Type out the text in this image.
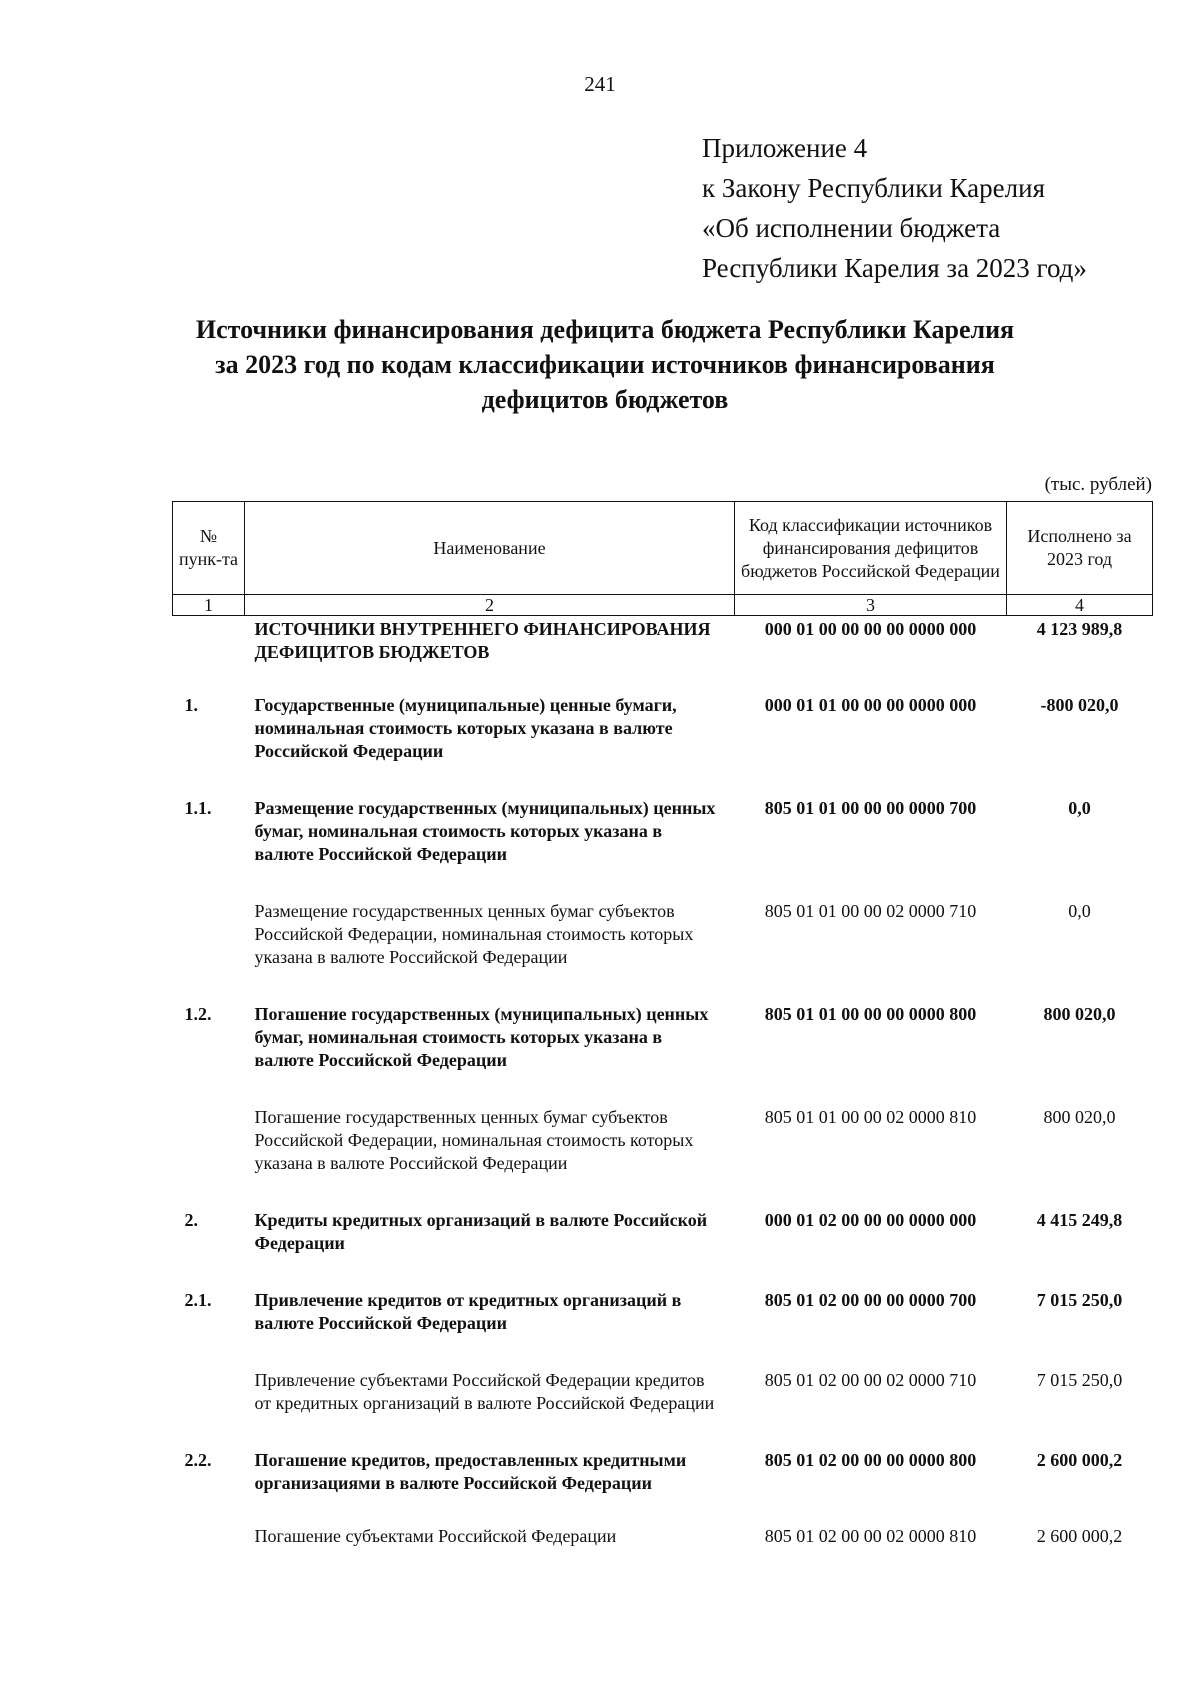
241
Приложение 4
к Закону Республики Карелия
«Об исполнении бюджета
Республики Карелия за 2023 год»
Источники финансирования дефицита бюджета Республики Карелия
за 2023 год по кодам классификации источников финансирования
дефицитов бюджетов
(тыс. рублей)
№ пунк-та	Наименование	Код классификации источников финансирования дефицитов бюджетов Российской Федерации	Исполнено за 2023 год
1	2	3	4
	ИСТОЧНИКИ ВНУТРЕННЕГО ФИНАНСИРОВАНИЯ ДЕФИЦИТОВ БЮДЖЕТОВ	000 01 00 00 00 00 0000 000	4 123 989,8
1.	Государственные (муниципальные) ценные бумаги, номинальная стоимость которых указана в валюте Российской Федерации	000 01 01 00 00 00 0000 000	-800 020,0
1.1.	Размещение государственных (муниципальных) ценных бумаг, номинальная стоимость которых указана в валюте Российской Федерации	805 01 01 00 00 00 0000 700	0,0
	Размещение государственных ценных бумаг субъектов Российской Федерации, номинальная стоимость которых указана в валюте Российской Федерации	805 01 01 00 00 02 0000 710	0,0
1.2.	Погашение государственных (муниципальных) ценных бумаг, номинальная стоимость которых указана в валюте Российской Федерации	805 01 01 00 00 00 0000 800	800 020,0
	Погашение государственных ценных бумаг субъектов Российской Федерации, номинальная стоимость которых указана в валюте Российской Федерации	805 01 01 00 00 02 0000 810	800 020,0
2.	Кредиты кредитных организаций в валюте Российской Федерации	000 01 02 00 00 00 0000 000	4 415 249,8
2.1.	Привлечение кредитов от кредитных организаций в валюте Российской Федерации	805 01 02 00 00 00 0000 700	7 015 250,0
	Привлечение субъектами Российской Федерации кредитов от кредитных организаций в валюте Российской Федерации	805 01 02 00 00 02 0000 710	7 015 250,0
2.2.	Погашение кредитов, предоставленных кредитными организациями в валюте Российской Федерации	805 01 02 00 00 00 0000 800	2 600 000,2
	Погашение субъектами Российской Федерации	805 01 02 00 00 02 0000 810	2 600 000,2
